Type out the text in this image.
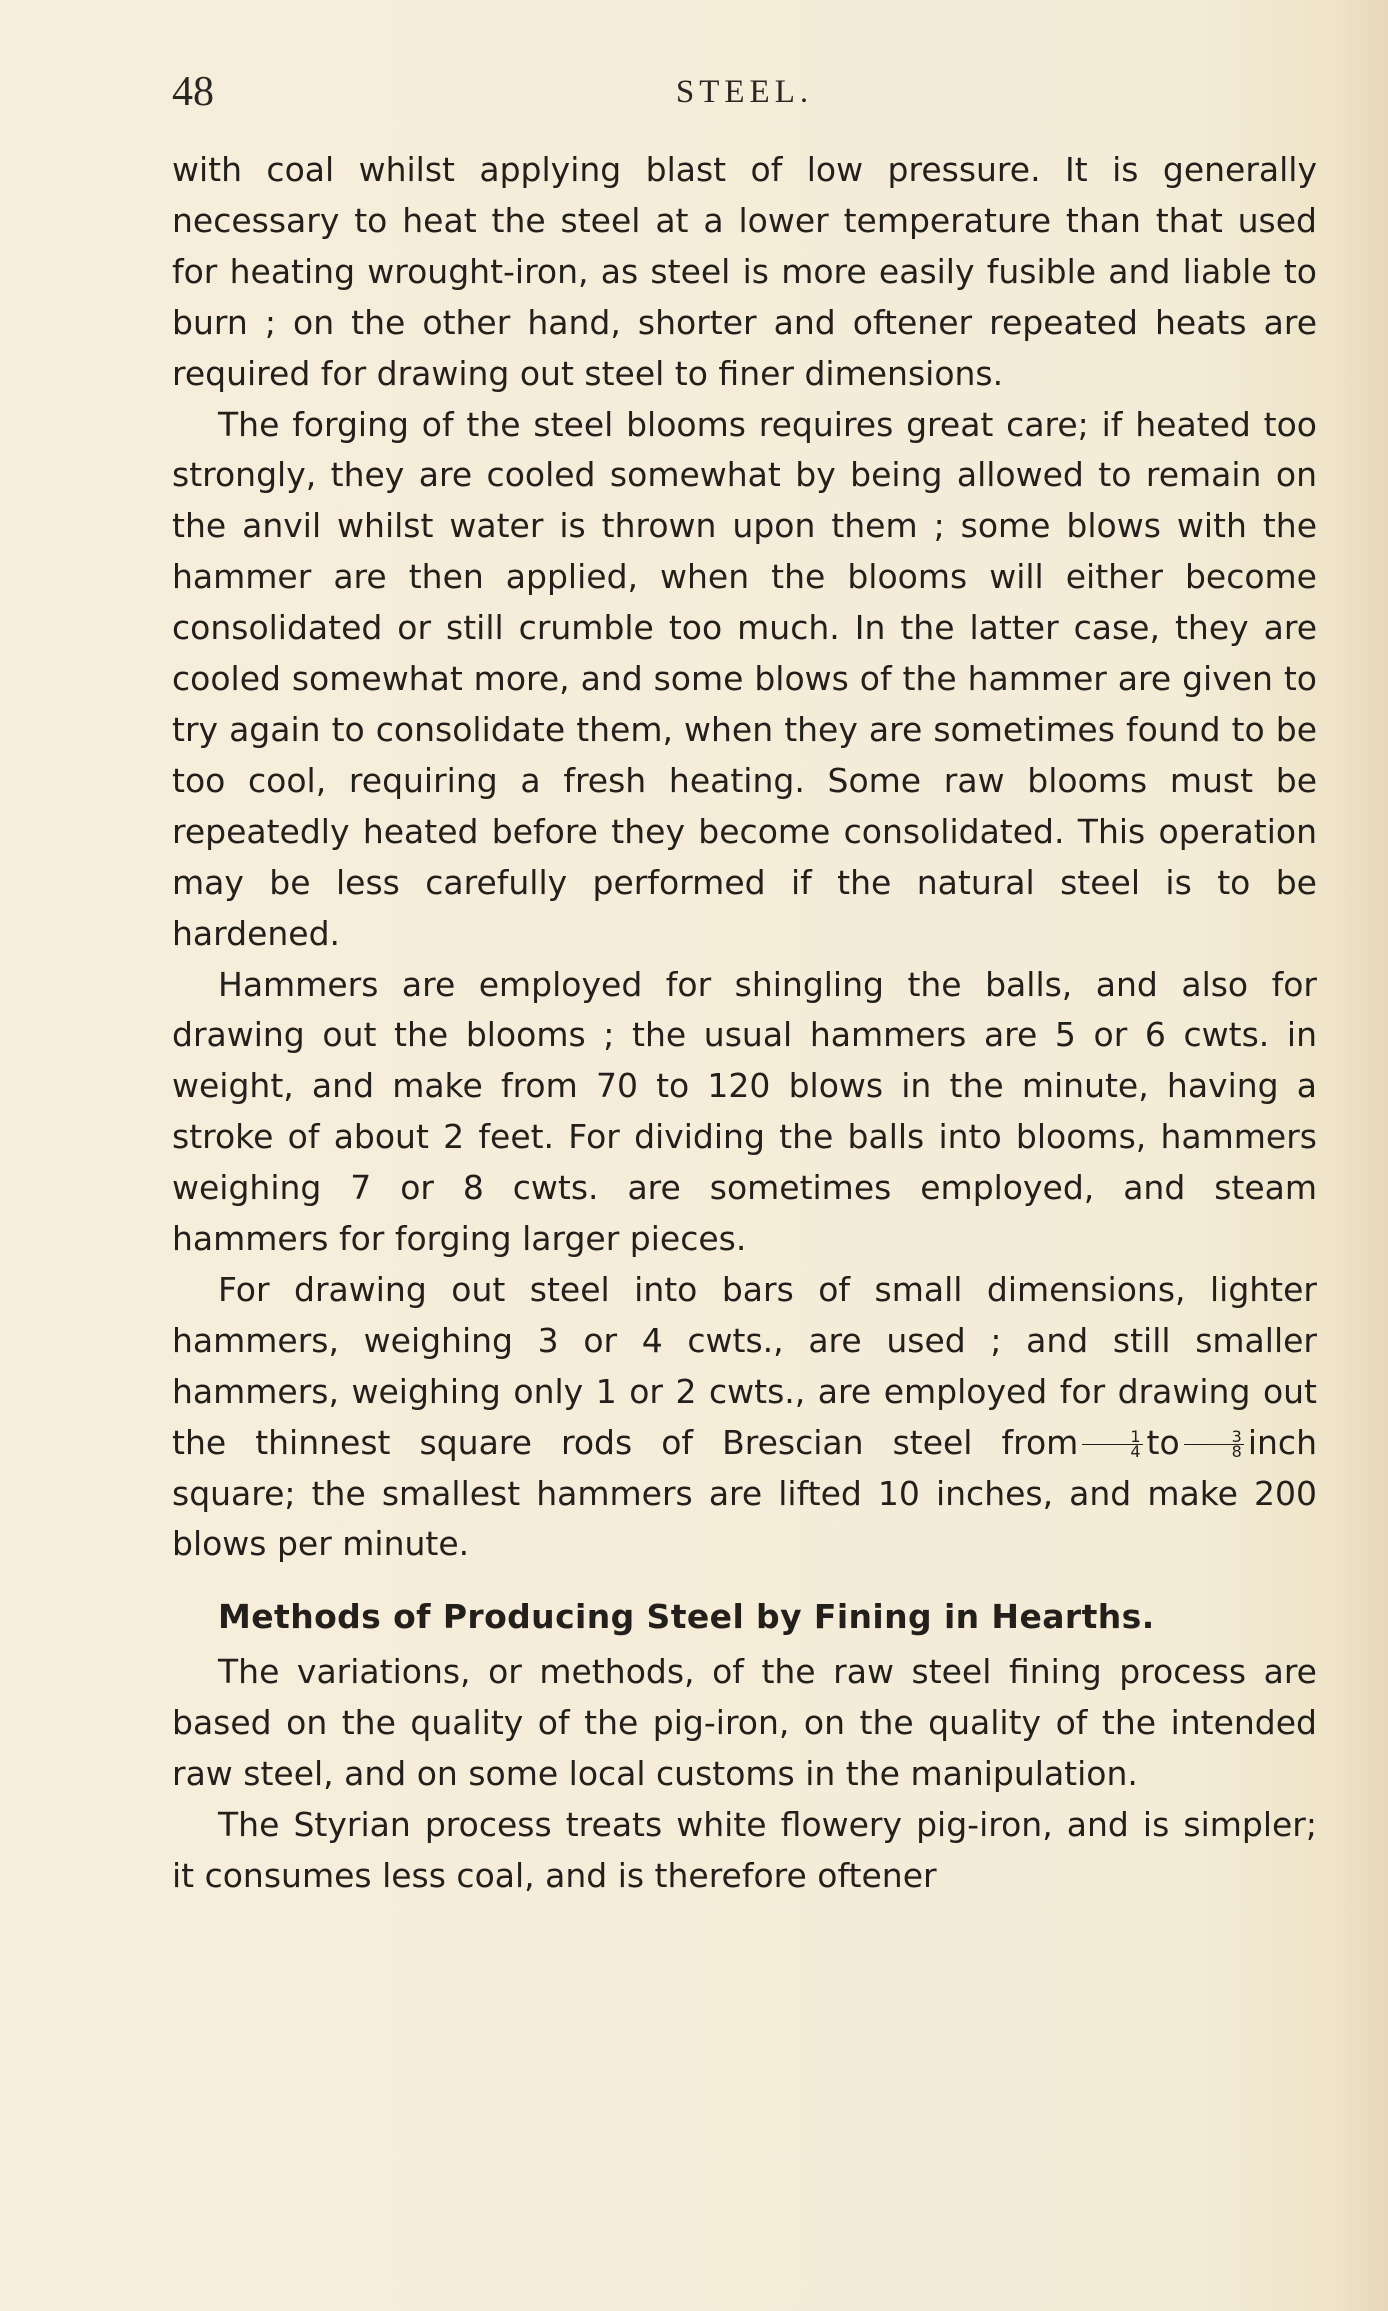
48	STEEL.

with coal whilst applying blast of low pressure. It is generally necessary to heat the steel at a lower temperature than that used for heating wrought-iron, as steel is more easily fusible and liable to burn ; on the other hand, shorter and oftener repeated heats are required for drawing out steel to finer dimensions.

The forging of the steel blooms requires great care; if heated too strongly, they are cooled somewhat by being allowed to remain on the anvil whilst water is thrown upon them ; some blows with the hammer are then applied, when the blooms will either become consolidated or still crumble too much. In the latter case, they are cooled somewhat more, and some blows of the hammer are given to try again to consolidate them, when they are sometimes found to be too cool, requiring a fresh heating. Some raw blooms must be repeatedly heated before they become consolidated. This operation may be less carefully performed if the natural steel is to be hardened.

Hammers are employed for shingling the balls, and also for drawing out the blooms ; the usual hammers are 5 or 6 cwts. in weight, and make from 70 to 120 blows in the minute, having a stroke of about 2 feet. For dividing the balls into blooms, hammers weighing 7 or 8 cwts. are sometimes employed, and steam hammers for forging larger pieces.

For drawing out steel into bars of small dimensions, lighter hammers, weighing 3 or 4 cwts., are used ; and still smaller hammers, weighing only 1 or 2 cwts., are employed for drawing out the thinnest square rods of Brescian steel from $\frac{1}{4}$ to $\frac{3}{8}$ inch square; the smallest hammers are lifted 10 inches, and make 200 blows per minute.

Methods of Producing Steel by Fining in Hearths.

The variations, or methods, of the raw steel fining process are based on the quality of the pig-iron, on the quality of the intended raw steel, and on some local customs in the manipulation.

The Styrian process treats white flowery pig-iron, and is simpler; it consumes less coal, and is therefore oftener
